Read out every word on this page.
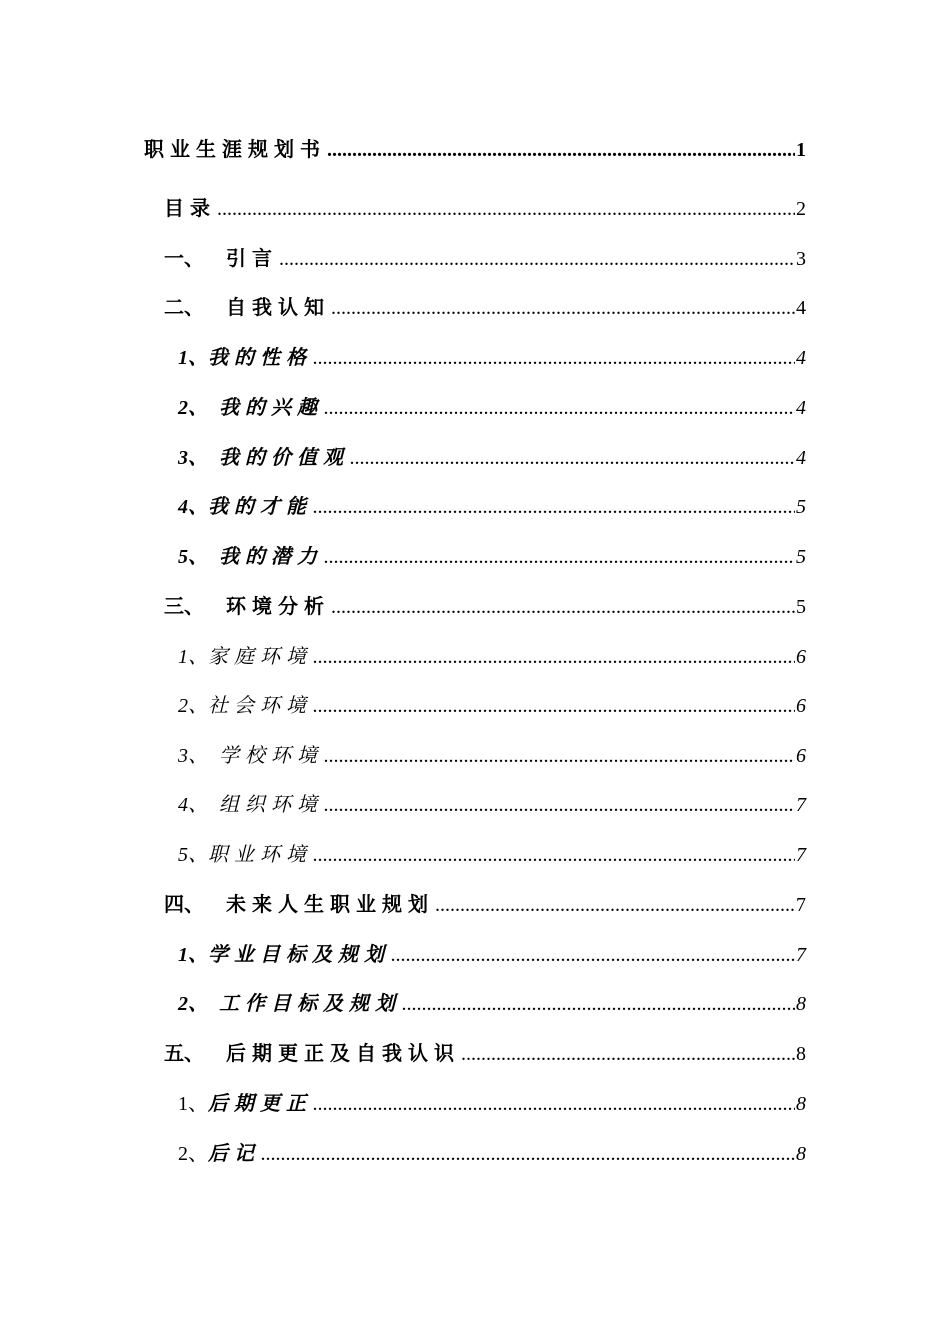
职业生涯规划书 .....	1
目录 .....	2
一、 引言 .....	3
二、 自我认知 .....	4
1、我的性格 .....	4
2、 我的兴趣 .....	4
3、 我的价值观 .....	4
4、我的才能 .....	5
5、 我的潜力 .....	5
三、 环境分析 .....	5
1、家庭环境 .....	6
2、社会环境 .....	6
3、 学校环境 .....	6
4、 组织环境 .....	7
5、职业环境 .....	7
四、 未来人生职业规划 .....	7
1、学业目标及规划 .....	7
2、 工作目标及规划 .....	8
五、 后期更正及自我认识 .....	8
1、后期更正 .....	8
2、后记 .....	8
